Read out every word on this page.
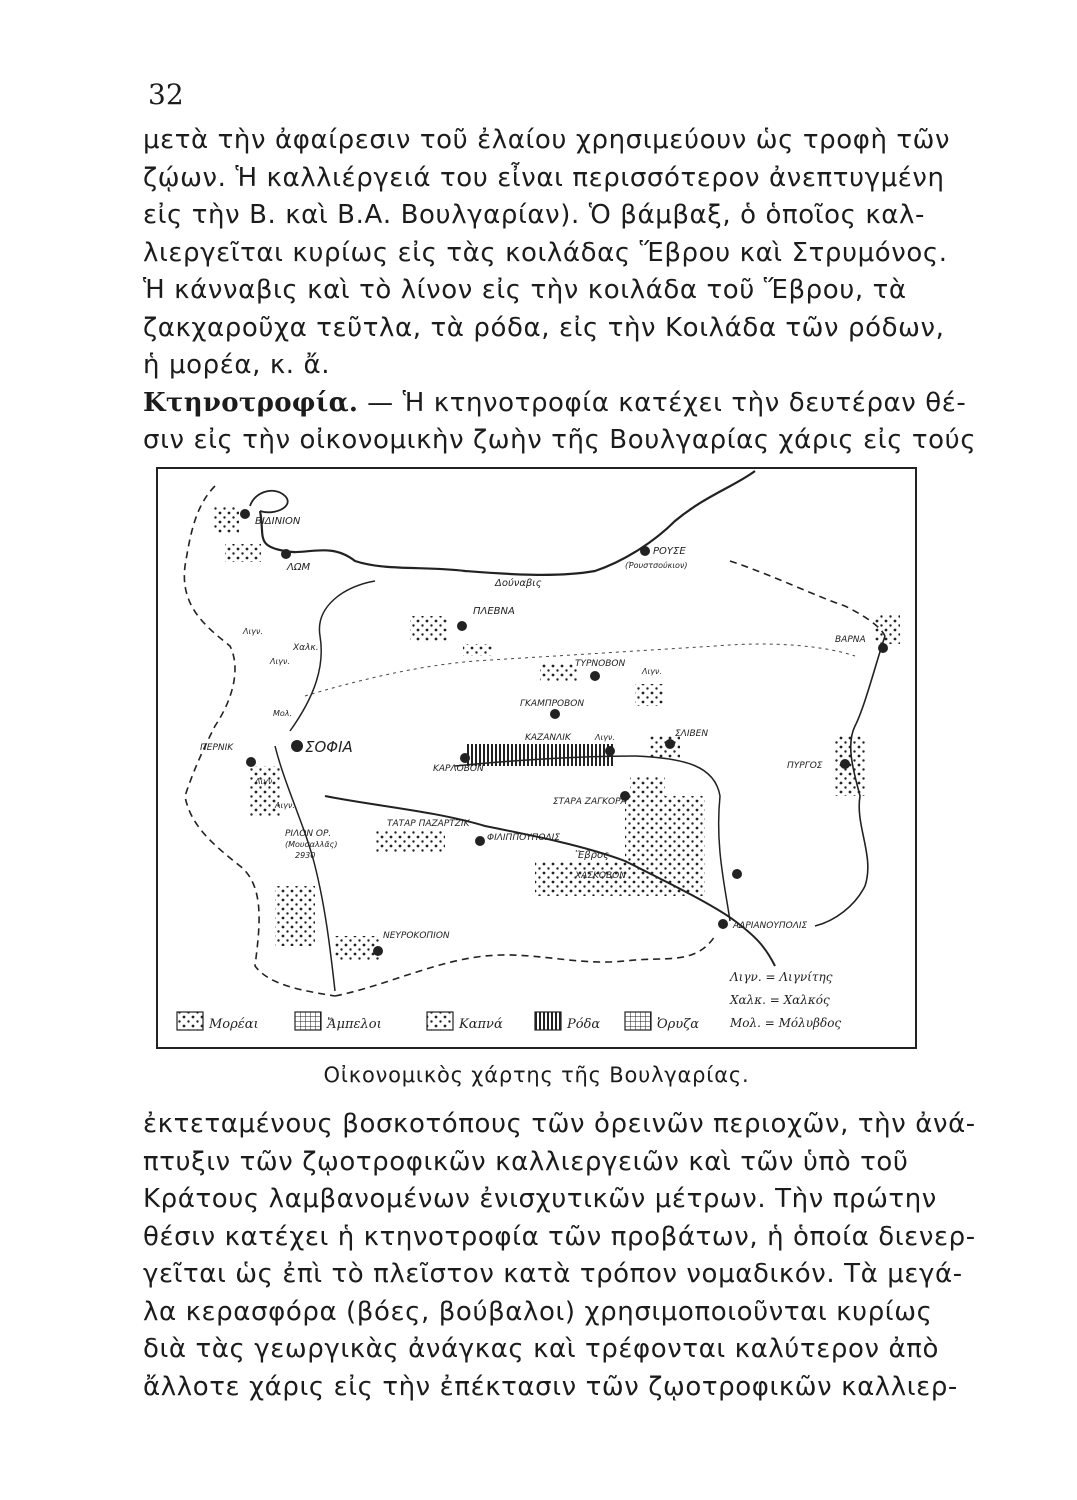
32
μετὰ τὴν ἀφαίρεσιν τοῦ ἐλαίου χρησιμεύουν ὡς τροφὴ τῶν
ζῴων. Ἡ καλλιέργειά του εἶναι περισσότερον ἀνεπτυγμένη
εἰς τὴν Β. καὶ Β.Α. Βουλγαρίαν). Ὁ βάμβαξ, ὁ ὁποῖος καλ-
λιεργεῖται κυρίως εἰς τὰς κοιλάδας Ἕβρου καὶ Στρυμόνος.
Ἡ κάνναβις καὶ τὸ λίνον εἰς τὴν κοιλάδα τοῦ Ἕβρου, τὰ
ζακχαροῦχα τεῦτλα, τὰ ρόδα, εἰς τὴν Κοιλάδα τῶν ρόδων,
ἡ μορέα, κ. ἄ.
Κτηνοτροφία. — Ἡ κτηνοτροφία κατέχει τὴν δευτέραν θέ-
σιν εἰς τὴν οἰκονομικὴν ζωὴν τῆς Βουλγαρίας χάρις εἰς τούς
ΒΙΔΙΝΙΟΝ
ΛΩΜ
ΡΟΥΣΕ
(Ῥουστσούκιον)
Δούναβις
ΠΛΕΒΝΑ
ΤΥΡΝΟΒΟΝ
ΓΚΑΜΠΡΟΒΟΝ
ΚΑΖΑΝΛΙΚ	ΣΛΙΒΕΝ
ΒΑΡΝΑ
ΠΥΡΓΟΣ
ΚΑΡΛΟΒΟΝ
ΣΟΦΙΑ
ΠΕΡΝΙΚ
ΣΤΑΡΑ ΖΑΓΚΟΡΑ
ΤΑΤΑΡ ΠΑΖΑΡΤΖΙΚ
ΦΙΛΙΠΠΟΥΠΟΛΙΣ
Ἕβρος
ΧΑΣΚΟΒΟΝ
ΑΔΡΙΑΝΟΥΠΟΛΙΣ
ΝΕΥΡΟΚΟΠΙΟΝ
ΡΙΛΟΝ ΟΡ.
(Μουσαλλᾶς)
2930
Λιγν.
Χαλκ.
Λιγν.
Μολ.
Λιγν.
Λιγν.
Λιγν.
Λιγν.
Λιγν. = Λιγνίτης
Χαλκ. = Χαλκός
Μολ. = Μόλυβδος
Μορέαι	Ἄμπελοι	Καπνά	Ρόδα	Ὀρυζα
Οἰκονομικὸς χάρτης τῆς Βουλγαρίας.
ἐκτεταμένους βοσκοτόπους τῶν ὀρεινῶν περιοχῶν, τὴν ἀνά-
πτυξιν τῶν ζῳοτροφικῶν καλλιεργειῶν καὶ τῶν ὑπὸ τοῦ
Κράτους λαμβανομένων ἐνισχυτικῶν μέτρων. Τὴν πρώτην
θέσιν κατέχει ἡ κτηνοτροφία τῶν προβάτων, ἡ ὁποία διενερ-
γεῖται ὡς ἐπὶ τὸ πλεῖστον κατὰ τρόπον νομαδικόν. Τὰ μεγά-
λα κερασφόρα (βόες, βούβαλοι) χρησιμοποιοῦνται κυρίως
διὰ τὰς γεωργικὰς ἀνάγκας καὶ τρέφονται καλύτερον ἀπὸ
ἄλλοτε χάρις εἰς τὴν ἐπέκτασιν τῶν ζῳοτροφικῶν καλλιερ-
